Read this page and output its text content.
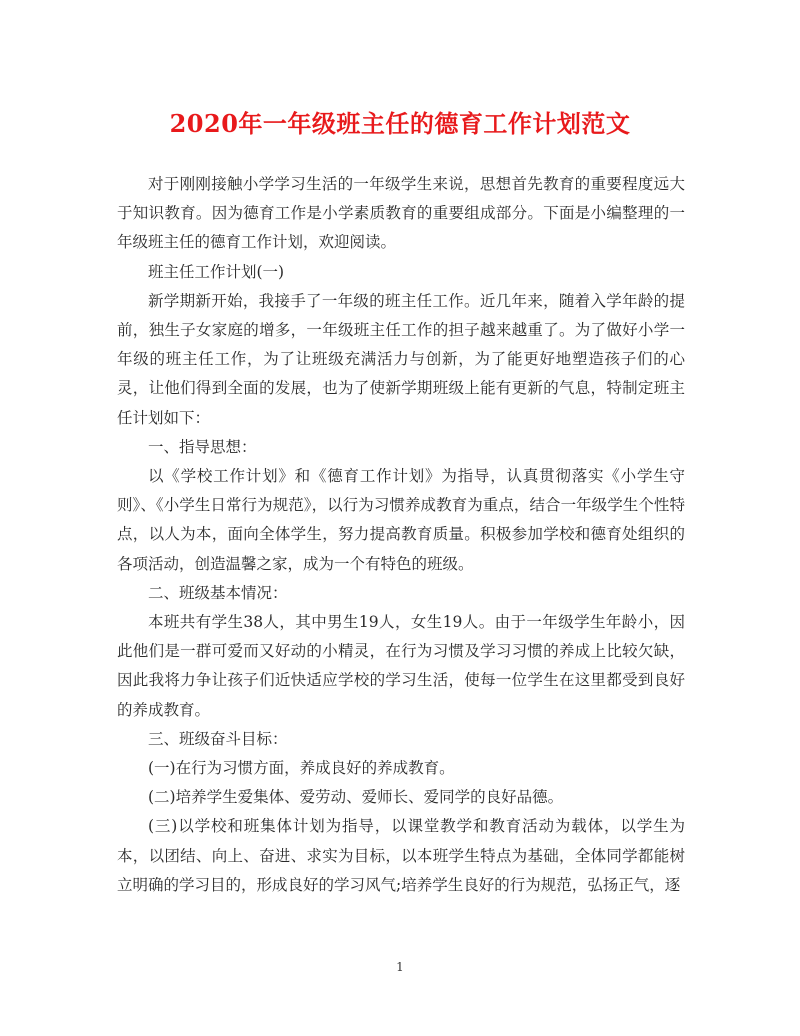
2020年一年级班主任的德育工作计划范文

对于刚刚接触小学学习生活的一年级学生来说，思想首先教育的重要程度远大于知识教育。因为德育工作是小学素质教育的重要组成部分。下面是小编整理的一年级班主任的德育工作计划，欢迎阅读。

班主任工作计划(一)

新学期新开始，我接手了一年级的班主任工作。近几年来，随着入学年龄的提前，独生子女家庭的增多，一年级班主任工作的担子越来越重了。为了做好小学一年级的班主任工作，为了让班级充满活力与创新，为了能更好地塑造孩子们的心灵，让他们得到全面的发展，也为了使新学期班级上能有更新的气息，特制定班主任计划如下：

一、指导思想：

以《学校工作计划》和《德育工作计划》为指导，认真贯彻落实《小学生守则》、《小学生日常行为规范》，以行为习惯养成教育为重点，结合一年级学生个性特点，以人为本，面向全体学生，努力提高教育质量。积极参加学校和德育处组织的各项活动，创造温馨之家，成为一个有特色的班级。

二、班级基本情况：

本班共有学生38人，其中男生19人，女生19人。由于一年级学生年龄小，因此他们是一群可爱而又好动的小精灵，在行为习惯及学习习惯的养成上比较欠缺，因此我将力争让孩子们近快适应学校的学习生活，使每一位学生在这里都受到良好的养成教育。

三、班级奋斗目标：

(一)在行为习惯方面，养成良好的养成教育。

(二)培养学生爱集体、爱劳动、爱师长、爱同学的良好品德。

(三)以学校和班集体计划为指导，以课堂教学和教育活动为载体，以学生为本，以团结、向上、奋进、求实为目标，以本班学生特点为基础，全体同学都能树立明确的学习目的，形成良好的学习风气;培养学生良好的行为规范，弘扬正气，逐

1
